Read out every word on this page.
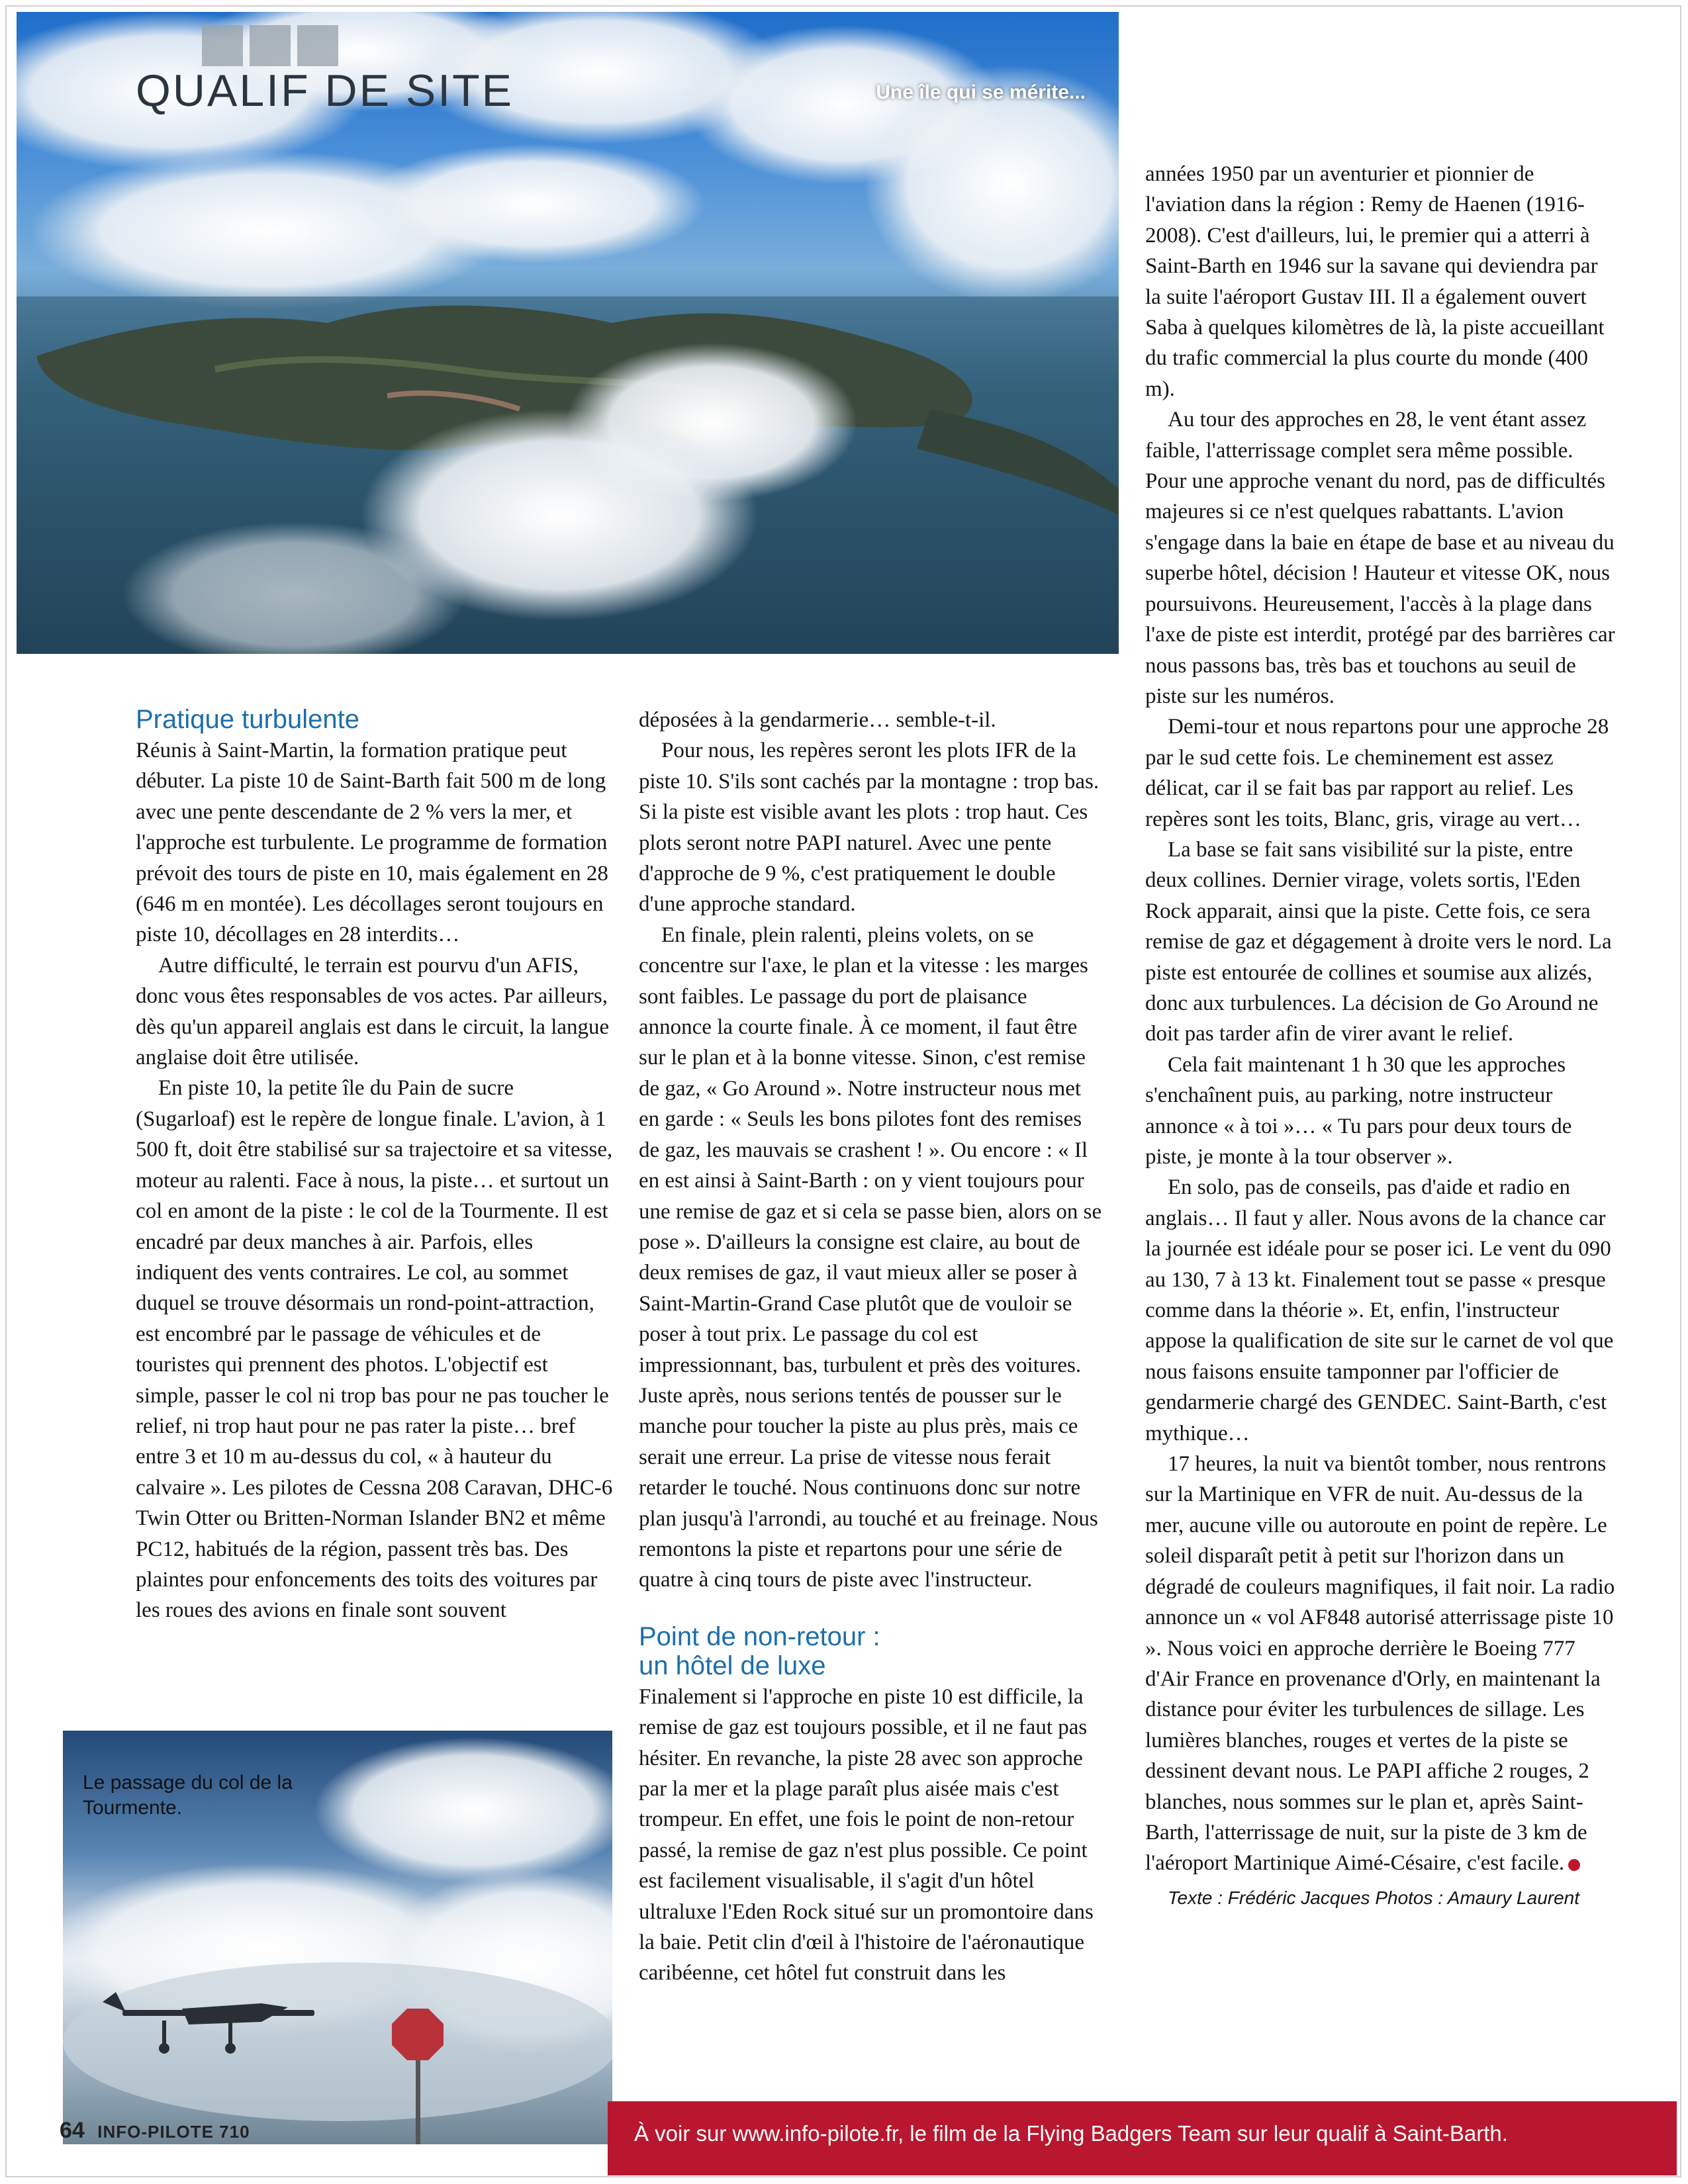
QUALIF DE SITE	Une île qui se mérite...
Pratique turbulente

Réunis à Saint-Martin, la formation pratique peut débuter. La piste 10 de Saint-Barth fait 500 m de long avec une pente descendante de 2 % vers la mer, et l'approche est turbulente. Le programme de formation prévoit des tours de piste en 10, mais également en 28 (646 m en montée). Les décollages seront toujours en piste 10, décollages en 28 interdits…

Autre difficulté, le terrain est pourvu d'un AFIS, donc vous êtes responsables de vos actes. Par ailleurs, dès qu'un appareil anglais est dans le circuit, la langue anglaise doit être utilisée.

En piste 10, la petite île du Pain de sucre (Sugarloaf) est le repère de longue finale. L'avion, à 1 500 ft, doit être stabilisé sur sa trajectoire et sa vitesse, moteur au ralenti. Face à nous, la piste… et surtout un col en amont de la piste : le col de la Tourmente. Il est encadré par deux manches à air. Parfois, elles indiquent des vents contraires. Le col, au sommet duquel se trouve désormais un rond-point-attraction, est encombré par le passage de véhicules et de touristes qui prennent des photos. L'objectif est simple, passer le col ni trop bas pour ne pas toucher le relief, ni trop haut pour ne pas rater la piste… bref entre 3 et 10 m au-dessus du col, « à hauteur du calvaire ». Les pilotes de Cessna 208 Caravan, DHC-6 Twin Otter ou Britten-Norman Islander BN2 et même PC12, habitués de la région, passent très bas. Des plaintes pour enfoncements des toits des voitures par les roues des avions en finale sont souvent

déposées à la gendarmerie… semble-t-il.

Pour nous, les repères seront les plots IFR de la piste 10. S'ils sont cachés par la montagne : trop bas. Si la piste est visible avant les plots : trop haut. Ces plots seront notre PAPI naturel. Avec une pente d'approche de 9 %, c'est pratiquement le double d'une approche standard.

En finale, plein ralenti, pleins volets, on se concentre sur l'axe, le plan et la vitesse : les marges sont faibles. Le passage du port de plaisance annonce la courte finale. À ce moment, il faut être sur le plan et à la bonne vitesse. Sinon, c'est remise de gaz, « Go Around ». Notre instructeur nous met en garde : « Seuls les bons pilotes font des remises de gaz, les mauvais se crashent ! ». Ou encore : « Il en est ainsi à Saint-Barth : on y vient toujours pour une remise de gaz et si cela se passe bien, alors on se pose ». D'ailleurs la consigne est claire, au bout de deux remises de gaz, il vaut mieux aller se poser à Saint-Martin-Grand Case plutôt que de vouloir se poser à tout prix. Le passage du col est impressionnant, bas, turbulent et près des voitures. Juste après, nous serions tentés de pousser sur le manche pour toucher la piste au plus près, mais ce serait une erreur. La prise de vitesse nous ferait retarder le touché. Nous continuons donc sur notre plan jusqu'à l'arrondi, au touché et au freinage. Nous remontons la piste et repartons pour une série de quatre à cinq tours de piste avec l'instructeur.

Point de non-retour :
un hôtel de luxe

Finalement si l'approche en piste 10 est difficile, la remise de gaz est toujours possible, et il ne faut pas hésiter. En revanche, la piste 28 avec son approche par la mer et la plage paraît plus aisée mais c'est trompeur. En effet, une fois le point de non-retour passé, la remise de gaz n'est plus possible. Ce point est facilement visualisable, il s'agit d'un hôtel ultraluxe l'Eden Rock situé sur un promontoire dans la baie. Petit clin d'œil à l'histoire de l'aéronautique caribéenne, cet hôtel fut construit dans les

années 1950 par un aventurier et pionnier de l'aviation dans la région : Remy de Haenen (1916-2008). C'est d'ailleurs, lui, le premier qui a atterri à Saint-Barth en 1946 sur la savane qui deviendra par la suite l'aéroport Gustav III. Il a également ouvert Saba à quelques kilomètres de là, la piste accueillant du trafic commercial la plus courte du monde (400 m).

Au tour des approches en 28, le vent étant assez faible, l'atterrissage complet sera même possible. Pour une approche venant du nord, pas de difficultés majeures si ce n'est quelques rabattants. L'avion s'engage dans la baie en étape de base et au niveau du superbe hôtel, décision ! Hauteur et vitesse OK, nous poursuivons. Heureusement, l'accès à la plage dans l'axe de piste est interdit, protégé par des barrières car nous passons bas, très bas et touchons au seuil de piste sur les numéros.

Demi-tour et nous repartons pour une approche 28 par le sud cette fois. Le cheminement est assez délicat, car il se fait bas par rapport au relief. Les repères sont les toits, Blanc, gris, virage au vert…

La base se fait sans visibilité sur la piste, entre deux collines. Dernier virage, volets sortis, l'Eden Rock apparait, ainsi que la piste. Cette fois, ce sera remise de gaz et dégagement à droite vers le nord. La piste est entourée de collines et soumise aux alizés, donc aux turbulences. La décision de Go Around ne doit pas tarder afin de virer avant le relief.

Cela fait maintenant 1 h 30 que les approches s'enchaînent puis, au parking, notre instructeur annonce « à toi »… « Tu pars pour deux tours de piste, je monte à la tour observer ».

En solo, pas de conseils, pas d'aide et radio en anglais… Il faut y aller. Nous avons de la chance car la journée est idéale pour se poser ici. Le vent du 090 au 130, 7 à 13 kt. Finalement tout se passe « presque comme dans la théorie ». Et, enfin, l'instructeur appose la qualification de site sur le carnet de vol que nous faisons ensuite tamponner par l'officier de gendarmerie chargé des GENDEC. Saint-Barth, c'est mythique…

17 heures, la nuit va bientôt tomber, nous rentrons sur la Martinique en VFR de nuit. Au-dessus de la mer, aucune ville ou autoroute en point de repère. Le soleil disparaît petit à petit sur l'horizon dans un dégradé de couleurs magnifiques, il fait noir. La radio annonce un « vol AF848 autorisé atterrissage piste 10 ». Nous voici en approche derrière le Boeing 777 d'Air France en provenance d'Orly, en maintenant la distance pour éviter les turbulences de sillage. Les lumières blanches, rouges et vertes de la piste se dessinent devant nous. Le PAPI affiche 2 rouges, 2 blanches, nous sommes sur le plan et, après Saint-Barth, l'atterrissage de nuit, sur la piste de 3 km de l'aéroport Martinique Aimé-Césaire, c'est facile.

Texte : Frédéric Jacques Photos : Amaury Laurent

Le passage du col de la Tourmente.
64 INFO-PILOTE 710	À voir sur www.info-pilote.fr, le film de la Flying Badgers Team sur leur qualif à Saint-Barth.
